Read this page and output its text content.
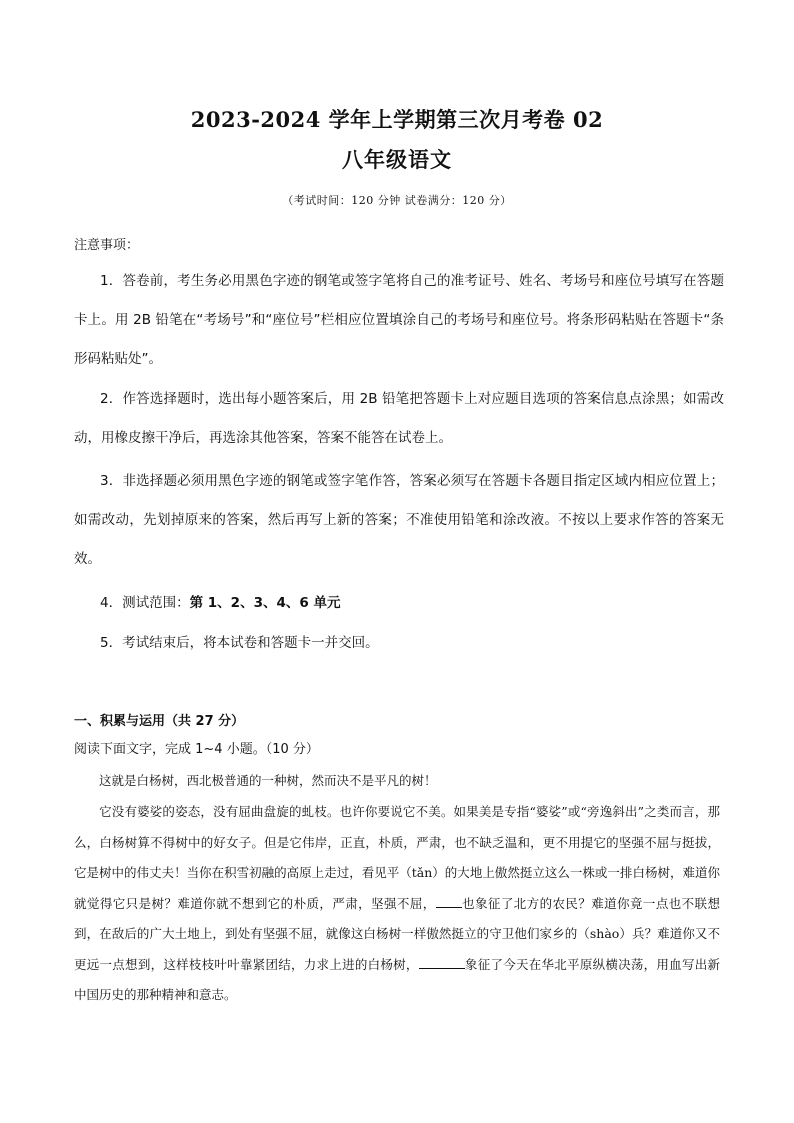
2023-2024 学年上学期第三次月考卷 02
八年级语文
（考试时间：120 分钟 试卷满分：120 分）
注意事项：
1．答卷前，考生务必用黑色字迹的钢笔或签字笔将自己的准考证号、姓名、考场号和座位号填写在答题卡上。用 2B 铅笔在“考场号”和“座位号”栏相应位置填涂自己的考场号和座位号。将条形码粘贴在答题卡“条形码粘贴处”。
2．作答选择题时，选出每小题答案后，用 2B 铅笔把答题卡上对应题目选项的答案信息点涂黑；如需改动，用橡皮擦干净后，再选涂其他答案，答案不能答在试卷上。
3．非选择题必须用黑色字迹的钢笔或签字笔作答，答案必须写在答题卡各题目指定区域内相应位置上；如需改动，先划掉原来的答案，然后再写上新的答案；不准使用铅笔和涂改液。不按以上要求作答的答案无效。
4．测试范围：第 1、2、3、4、6 单元
5．考试结束后，将本试卷和答题卡一并交回。
一、积累与运用（共 27 分）
阅读下面文字，完成 1~4 小题。（10 分）
这就是白杨树，西北极普通的一种树，然而决不是平凡的树！
它没有婆娑的姿态，没有屈曲盘旋的虬枝。也许你要说它不美。如果美是专指“婆娑”或“旁逸斜出”之类而言，那么，白杨树算不得树中的好女子。但是它伟岸，正直，朴质，严肃，也不缺乏温和，更不用提它的坚强不屈与挺拔，它是树中的伟丈夫！当你在积雪初融的高原上走过，看见平（tǎn）的大地上傲然挺立这么一株或一排白杨树，难道你就觉得它只是树？难道你就不想到它的朴质，严肃，坚强不屈， 也象征了北方的农民？难道你竟一点也不联想到，在敌后的广大土地上，到处有坚强不屈，就像这白杨树一样傲然挺立的守卫他们家乡的（shào）兵？难道你又不更远一点想到，这样枝枝叶叶靠紧团结，力求上进的白杨树，	象征了今天在华北平原纵横决荡，用血写出新中国历史的那种精神和意志。
